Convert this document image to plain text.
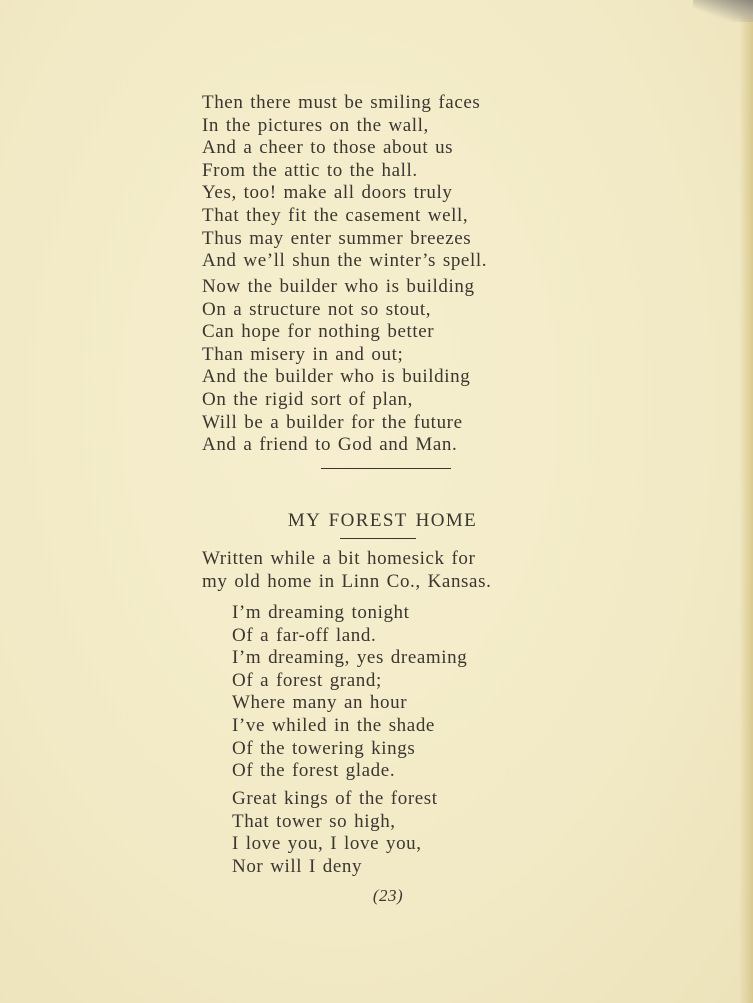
Then there must be smiling faces
In the pictures on the wall,
And a cheer to those about us
From the attic to the hall.
Yes, too! make all doors truly
That they fit the casement well,
Thus may enter summer breezes
And we’ll shun the winter’s spell.
Now the builder who is building
On a structure not so stout,
Can hope for nothing better
Than misery in and out;
And the builder who is building
On the rigid sort of plan,
Will be a builder for the future
And a friend to God and Man.
MY FOREST HOME
Written while a bit homesick for
my old home in Linn Co., Kansas.
I’m dreaming tonight
Of a far-off land.
I’m dreaming, yes dreaming
Of a forest grand;
Where many an hour
I’ve whiled in the shade
Of the towering kings
Of the forest glade.
Great kings of the forest
That tower so high,
I love you, I love you,
Nor will I deny
(23)
